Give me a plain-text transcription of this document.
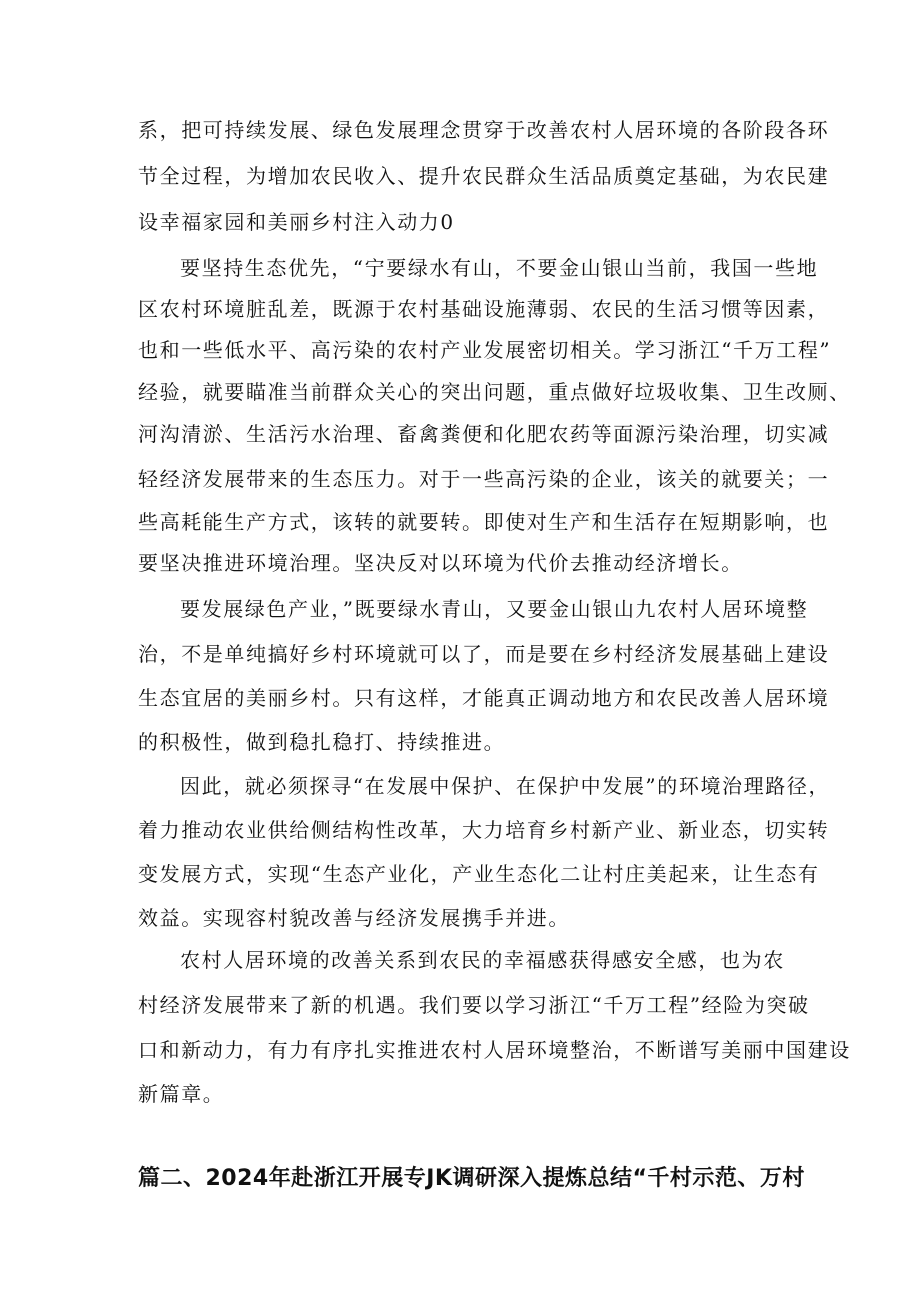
系，把可持续发展、绿色发展理念贯穿于改善农村人居环境的各阶段各环
节全过程，为增加农民收入、提升农民群众生活品质奠定基础，为农民建
设幸福家园和美丽乡村注入动力0
要坚持生态优先，“宁要绿水有山，不要金山银山当前，我国一些地
区农村环境脏乱差，既源于农村基础设施薄弱、农民的生活习惯等因素，
也和一些低水平、高污染的农村产业发展密切相关。学习浙江“千万工程”
经验，就要瞄准当前群众关心的突出问题，重点做好垃圾收集、卫生改厕、
河沟清淤、生活污水治理、畜禽粪便和化肥农药等面源污染治理，切实减
轻经济发展带来的生态压力。对于一些高污染的企业，该关的就要关；一
些高耗能生产方式，该转的就要转。即使对生产和生活存在短期影响，也
要坚决推进环境治理。坚决反对以环境为代价去推动经济增长。
要发展绿色产业，”既要绿水青山，又要金山银山九农村人居环境整
治，不是单纯搞好乡村环境就可以了，而是要在乡村经济发展基础上建设
生态宜居的美丽乡村。只有这样，才能真正调动地方和农民改善人居环境
的积极性，做到稳扎稳打、持续推进。
因此，就必须探寻“在发展中保护、在保护中发展”的环境治理路径，
着力推动农业供给侧结构性改革，大力培育乡村新产业、新业态，切实转
变发展方式，实现“生态产业化，产业生态化二让村庄美起来，让生态有
效益。实现容村貌改善与经济发展携手并进。
农村人居环境的改善关系到农民的幸福感获得感安全感，也为农
村经济发展带来了新的机遇。我们要以学习浙江“千万工程”经险为突破
口和新动力，有力有序扎实推进农村人居环境整治，不断谱写美丽中国建设
新篇章。
篇二、2024年赴浙江开展专JK调研深入提炼总结“千村示范、万村
